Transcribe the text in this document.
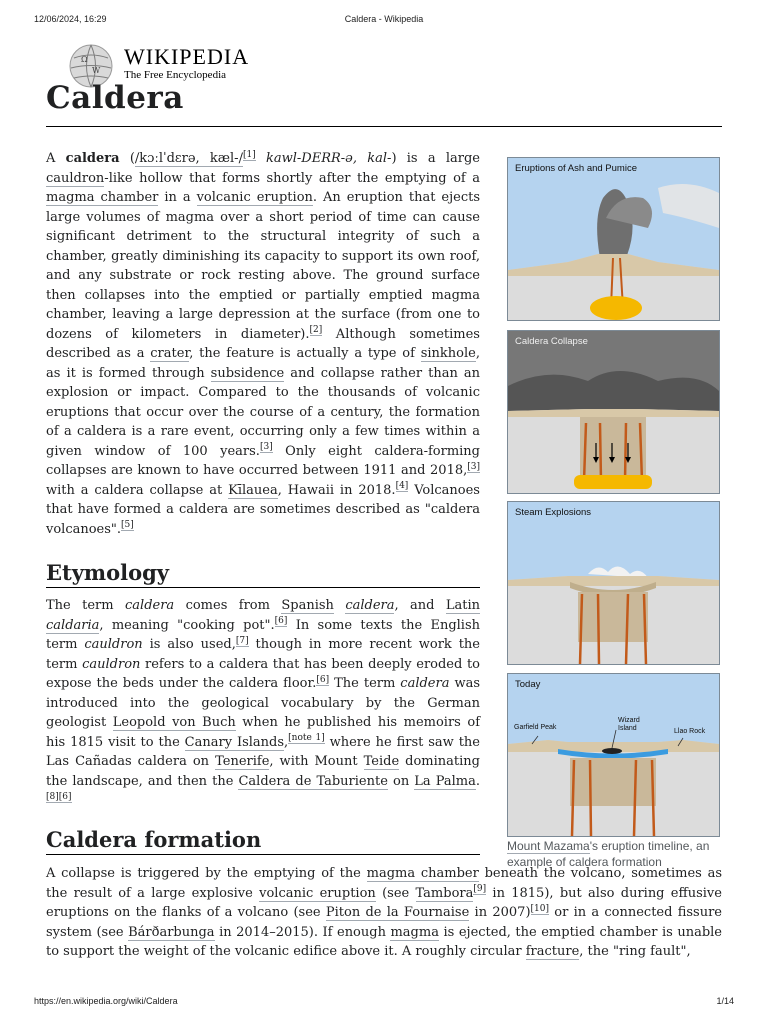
12/06/2024, 16:29	Caldera - Wikipedia
Ω
W
WIKIPEDIA
The Free Encyclopedia
Caldera

A caldera (/kɔːlˈdɛrə, kæl-/[1] kawl-DERR-ə, kal-) is a large cauldron-like hollow that forms shortly after the emptying of a magma chamber in a volcanic eruption. An eruption that ejects large volumes of magma over a short period of time can cause significant detriment to the structural integrity of such a chamber, greatly diminishing its capacity to support its own roof, and any substrate or rock resting above. The ground surface then collapses into the emptied or partially emptied magma chamber, leaving a large depression at the surface (from one to dozens of kilometers in diameter).[2] Although sometimes described as a crater, the feature is actually a type of sinkhole, as it is formed through subsidence and collapse rather than an explosion or impact. Compared to the thousands of volcanic eruptions that occur over the course of a century, the formation of a caldera is a rare event, occurring only a few times within a given window of 100 years.[3] Only eight caldera-forming collapses are known to have occurred between 1911 and 2018,[3] with a caldera collapse at Kīlauea, Hawaii in 2018.[4] Volcanoes that have formed a caldera are sometimes described as "caldera volcanoes".[5]

Etymology

The term caldera comes from Spanish caldera, and Latin caldaria, meaning "cooking pot".[6] In some texts the English term cauldron is also used,[7] though in more recent work the term cauldron refers to a caldera that has been deeply eroded to expose the beds under the caldera floor.[6] The term caldera was introduced into the geological vocabulary by the German geologist Leopold von Buch when he published his memoirs of his 1815 visit to the Canary Islands,[note 1] where he first saw the Las Cañadas caldera on Tenerife, with Mount Teide dominating the landscape, and then the Caldera de Taburiente on La Palma.[8][6]

Caldera formation

A collapse is triggered by the emptying of the magma chamber beneath the volcano, sometimes as the result of a large explosive volcanic eruption (see Tambora[9] in 1815), but also during effusive eruptions on the flanks of a volcano (see Piton de la Fournaise in 2007)[10] or in a connected fissure system (see Bárðarbunga in 2014–2015). If enough magma is ejected, the emptied chamber is unable to support the weight of the volcanic edifice above it. A roughly circular fracture, the "ring fault",

Eruptions of Ash and Pumice
Caldera Collapse
Steam Explosions
Today
Garfield Peak
Wizard
Island	Llao Rock
Mount Mazama's eruption timeline, an example of caldera formation
https://en.wikipedia.org/wiki/Caldera	1/14
